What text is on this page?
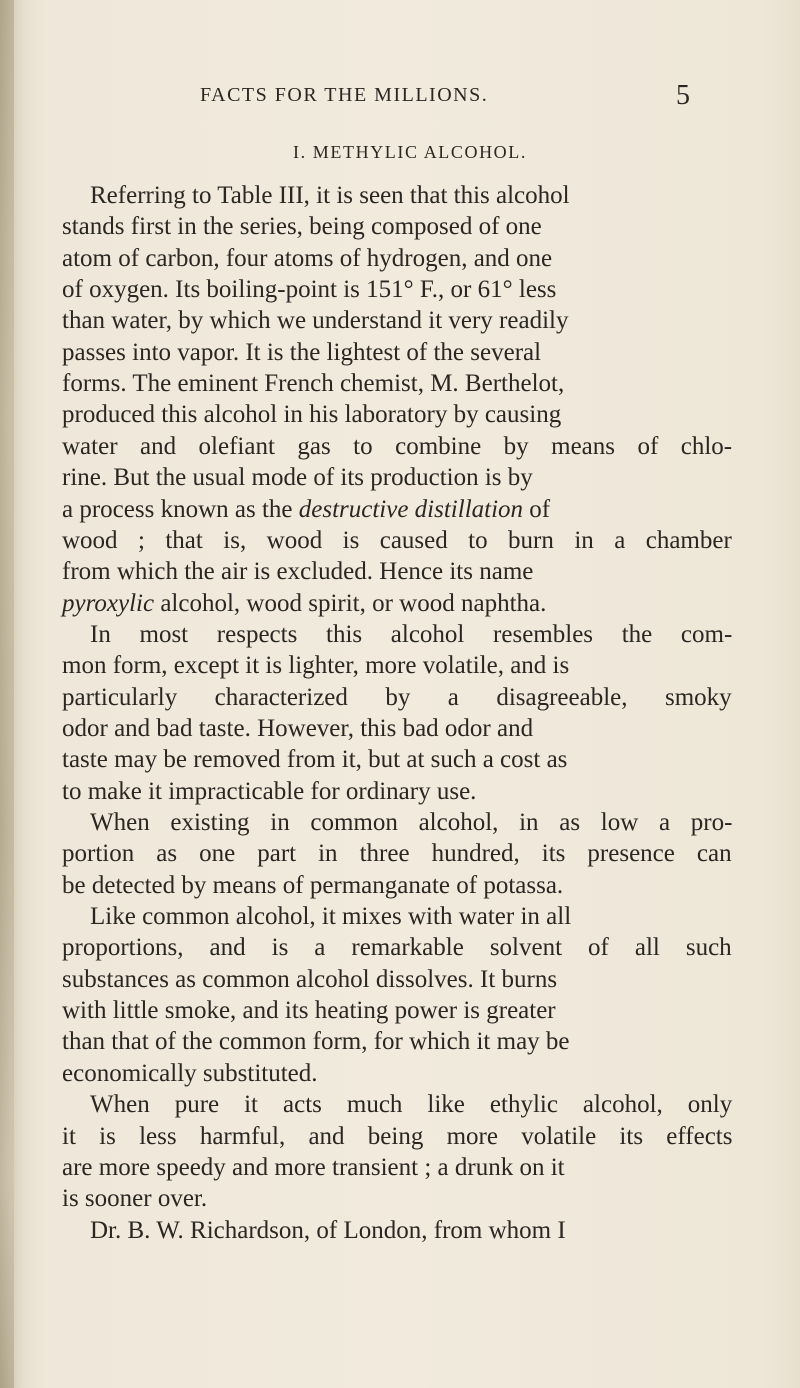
FACTS FOR THE MILLIONS.	5
I. METHYLIC ALCOHOL.
Referring to Table III, it is seen that this alcohol
stands first in the series, being composed of one
atom of carbon, four atoms of hydrogen, and one
of oxygen. Its boiling-point is 151° F., or 61° less
than water, by which we understand it very readily
passes into vapor. It is the lightest of the several
forms. The eminent French chemist, M. Berthelot,
produced this alcohol in his laboratory by causing
water and olefiant gas to combine by means of chlo-
rine. But the usual mode of its production is by
a process known as the destructive distillation of
wood ; that is, wood is caused to burn in a chamber
from which the air is excluded. Hence its name
pyroxylic alcohol, wood spirit, or wood naphtha.
In most respects this alcohol resembles the com-
mon form, except it is lighter, more volatile, and is
particularly characterized by a disagreeable, smoky
odor and bad taste. However, this bad odor and
taste may be removed from it, but at such a cost as
to make it impracticable for ordinary use.
When existing in common alcohol, in as low a pro-
portion as one part in three hundred, its presence can
be detected by means of permanganate of potassa.
Like common alcohol, it mixes with water in all
proportions, and is a remarkable solvent of all such
substances as common alcohol dissolves. It burns
with little smoke, and its heating power is greater
than that of the common form, for which it may be
economically substituted.
When pure it acts much like ethylic alcohol, only
it is less harmful, and being more volatile its effects
are more speedy and more transient ; a drunk on it
is sooner over.
Dr. B. W. Richardson, of London, from whom I
